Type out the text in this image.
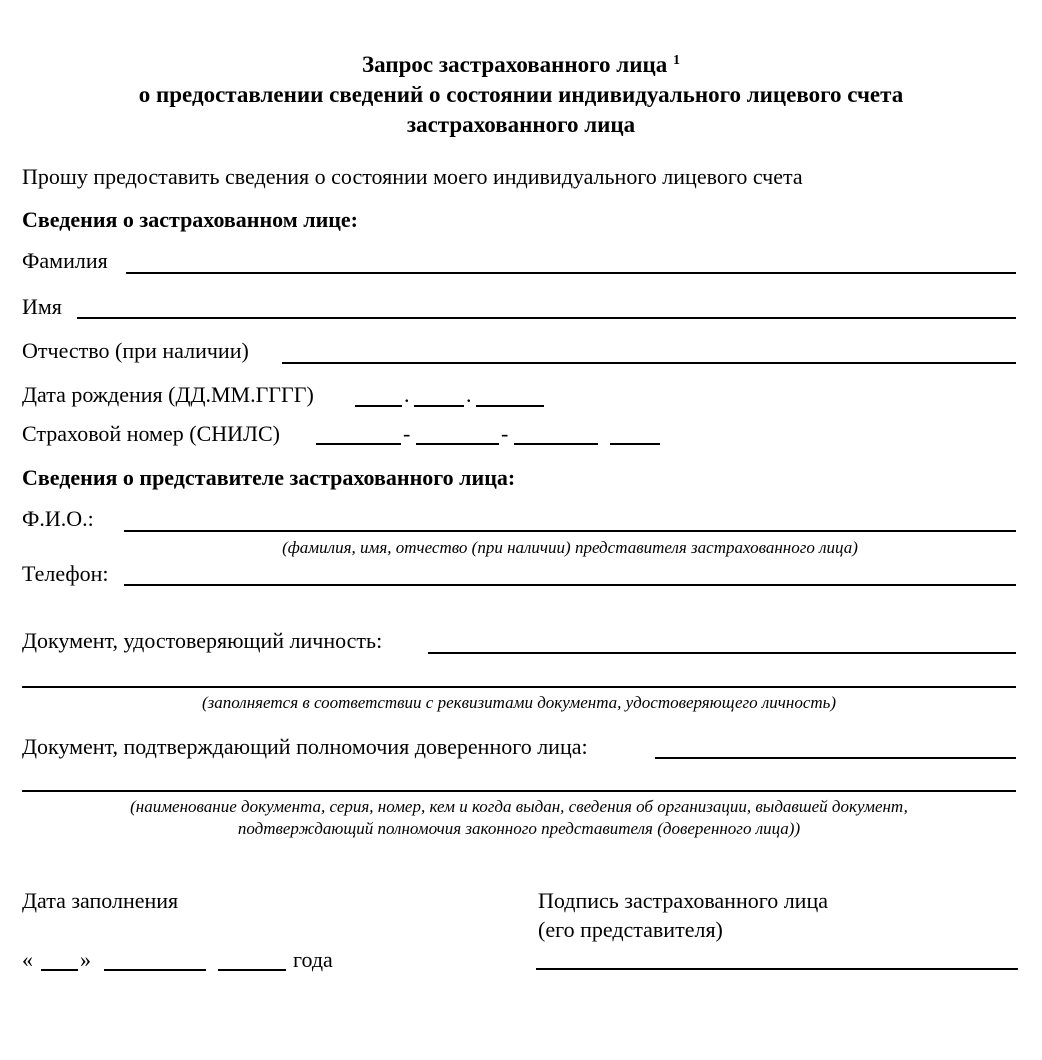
Запрос застрахованного лица $^1$
о предоставлении сведений о состоянии индивидуального лицевого счета
застрахованного лица
Прошу предоставить сведения о состоянии моего индивидуального лицевого счета
Сведения о застрахованном лице:
Фамилия
Имя
Отчество (при наличии)
Дата рождения (ДД.ММ.ГГГГ)	.	.
Страховой номер (СНИЛС)	-	-
Сведения о представителе застрахованного лица:
Ф.И.О.:
(фамилия, имя, отчество (при наличии) представителя застрахованного лица)
Телефон:
Документ, удостоверяющий личность:
(заполняется в соответствии с реквизитами документа, удостоверяющего личность)
Документ, подтверждающий полномочия доверенного лица:
(наименование документа, серия, номер, кем и когда выдан, сведения об организации, выдавшей документ,
подтверждающий полномочия законного представителя (доверенного лица))
Дата заполнения
« »	года
Подпись застрахованного лица
(его представителя)
